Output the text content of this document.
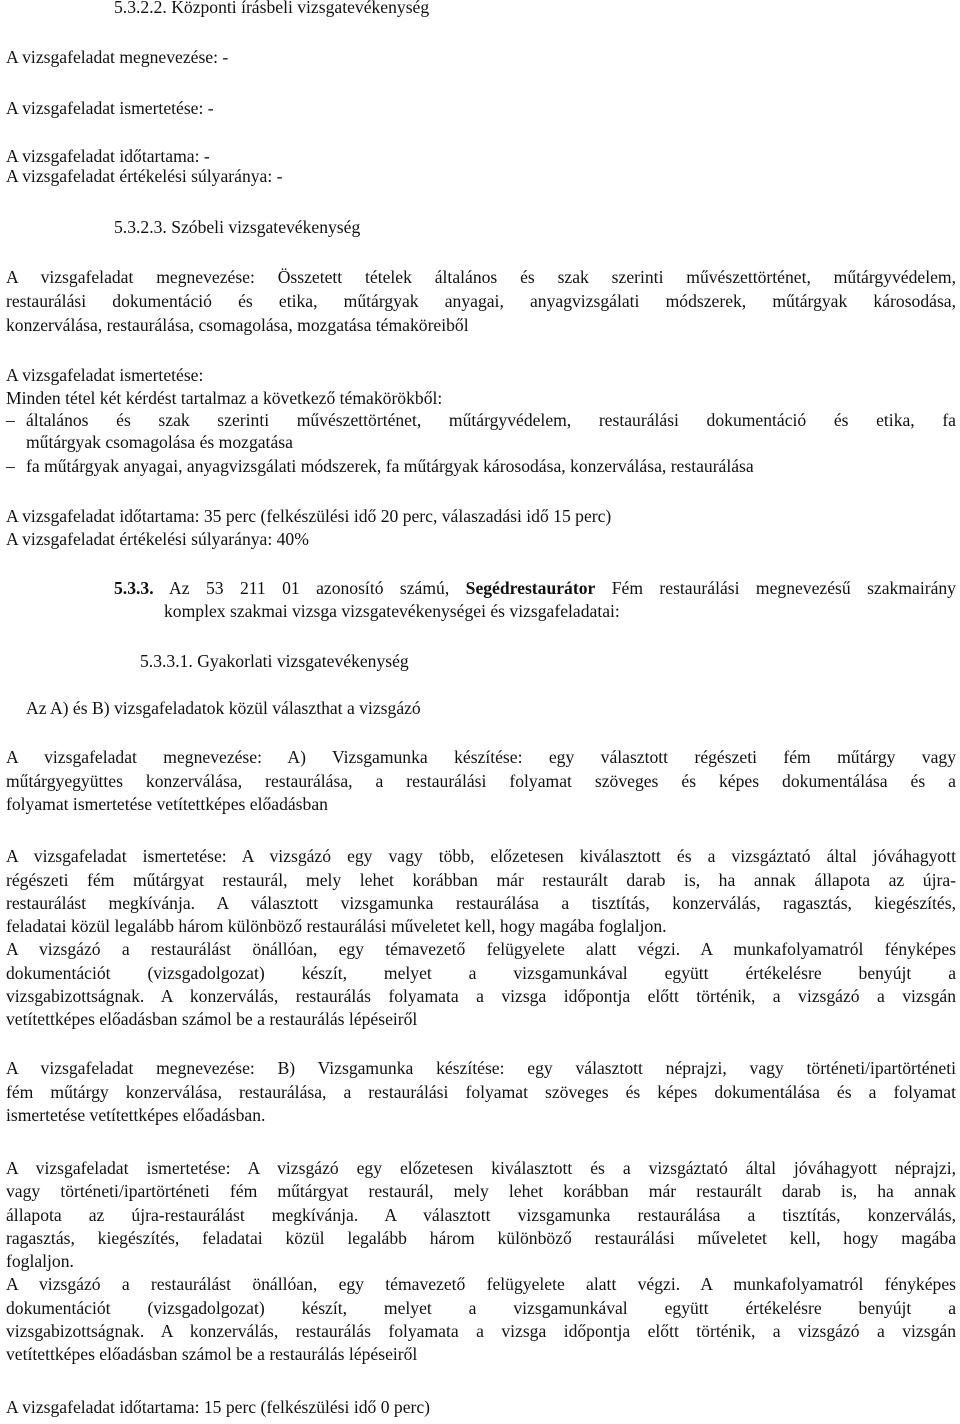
5.3.2.2. Központi írásbeli vizsgatevékenység
A vizsgafeladat megnevezése: -
A vizsgafeladat ismertetése: -
A vizsgafeladat időtartama: -
A vizsgafeladat értékelési súlyaránya: -
5.3.2.3. Szóbeli vizsgatevékenység
A vizsgafeladat megnevezése: Összetett tételek általános és szak szerinti művészettörténet, műtárgyvédelem,
restaurálási dokumentáció és etika, műtárgyak anyagai, anyagvizsgálati módszerek, műtárgyak károsodása,
konzerválása, restaurálása, csomagolása, mozgatása témaköreiből
A vizsgafeladat ismertetése:
Minden tétel két kérdést tartalmaz a következő témakörökből:
– általános és szak szerinti művészettörténet, műtárgyvédelem, restaurálási dokumentáció és etika, fa
műtárgyak csomagolása és mozgatása
– fa műtárgyak anyagai, anyagvizsgálati módszerek, fa műtárgyak károsodása, konzerválása, restaurálása
A vizsgafeladat időtartama: 35 perc (felkészülési idő 20 perc, válaszadási idő 15 perc)
A vizsgafeladat értékelési súlyaránya: 40%
5.3.3. Az 53 211 01 azonosító számú, Segédrestaurátor Fém restaurálási megnevezésű szakmairány
komplex szakmai vizsga vizsgatevékenységei és vizsgafeladatai:
5.3.3.1. Gyakorlati vizsgatevékenység
Az A) és B) vizsgafeladatok közül választhat a vizsgázó
A vizsgafeladat megnevezése: A) Vizsgamunka készítése: egy választott régészeti fém műtárgy vagy
műtárgyegyüttes konzerválása, restaurálása, a restaurálási folyamat szöveges és képes dokumentálása és a
folyamat ismertetése vetítettképes előadásban
A vizsgafeladat ismertetése: A vizsgázó egy vagy több, előzetesen kiválasztott és a vizsgáztató által jóváhagyott
régészeti fém műtárgyat restaurál, mely lehet korábban már restaurált darab is, ha annak állapota az újra-
restaurálást megkívánja. A választott vizsgamunka restaurálása a tisztítás, konzerválás, ragasztás, kiegészítés,
feladatai közül legalább három különböző restaurálási műveletet kell, hogy magába foglaljon.
A vizsgázó a restaurálást önállóan, egy témavezető felügyelete alatt végzi. A munkafolyamatról fényképes
dokumentációt (vizsgadolgozat) készít, melyet a vizsgamunkával együtt értékelésre benyújt a
vizsgabizottságnak. A konzerválás, restaurálás folyamata a vizsga időpontja előtt történik, a vizsgázó a vizsgán
vetítettképes előadásban számol be a restaurálás lépéseiről
A vizsgafeladat megnevezése: B) Vizsgamunka készítése: egy választott néprajzi, vagy történeti/ipartörténeti
fém műtárgy konzerválása, restaurálása, a restaurálási folyamat szöveges és képes dokumentálása és a folyamat
ismertetése vetítettképes előadásban.
A vizsgafeladat ismertetése: A vizsgázó egy előzetesen kiválasztott és a vizsgáztató által jóváhagyott néprajzi,
vagy történeti/ipartörténeti fém műtárgyat restaurál, mely lehet korábban már restaurált darab is, ha annak
állapota az újra-restaurálást megkívánja. A választott vizsgamunka restaurálása a tisztítás, konzerválás,
ragasztás, kiegészítés, feladatai közül legalább három különböző restaurálási műveletet kell, hogy magába
foglaljon.
A vizsgázó a restaurálást önállóan, egy témavezető felügyelete alatt végzi. A munkafolyamatról fényképes
dokumentációt (vizsgadolgozat) készít, melyet a vizsgamunkával együtt értékelésre benyújt a
vizsgabizottságnak. A konzerválás, restaurálás folyamata a vizsga időpontja előtt történik, a vizsgázó a vizsgán
vetítettképes előadásban számol be a restaurálás lépéseiről
A vizsgafeladat időtartama: 15 perc (felkészülési idő 0 perc)
